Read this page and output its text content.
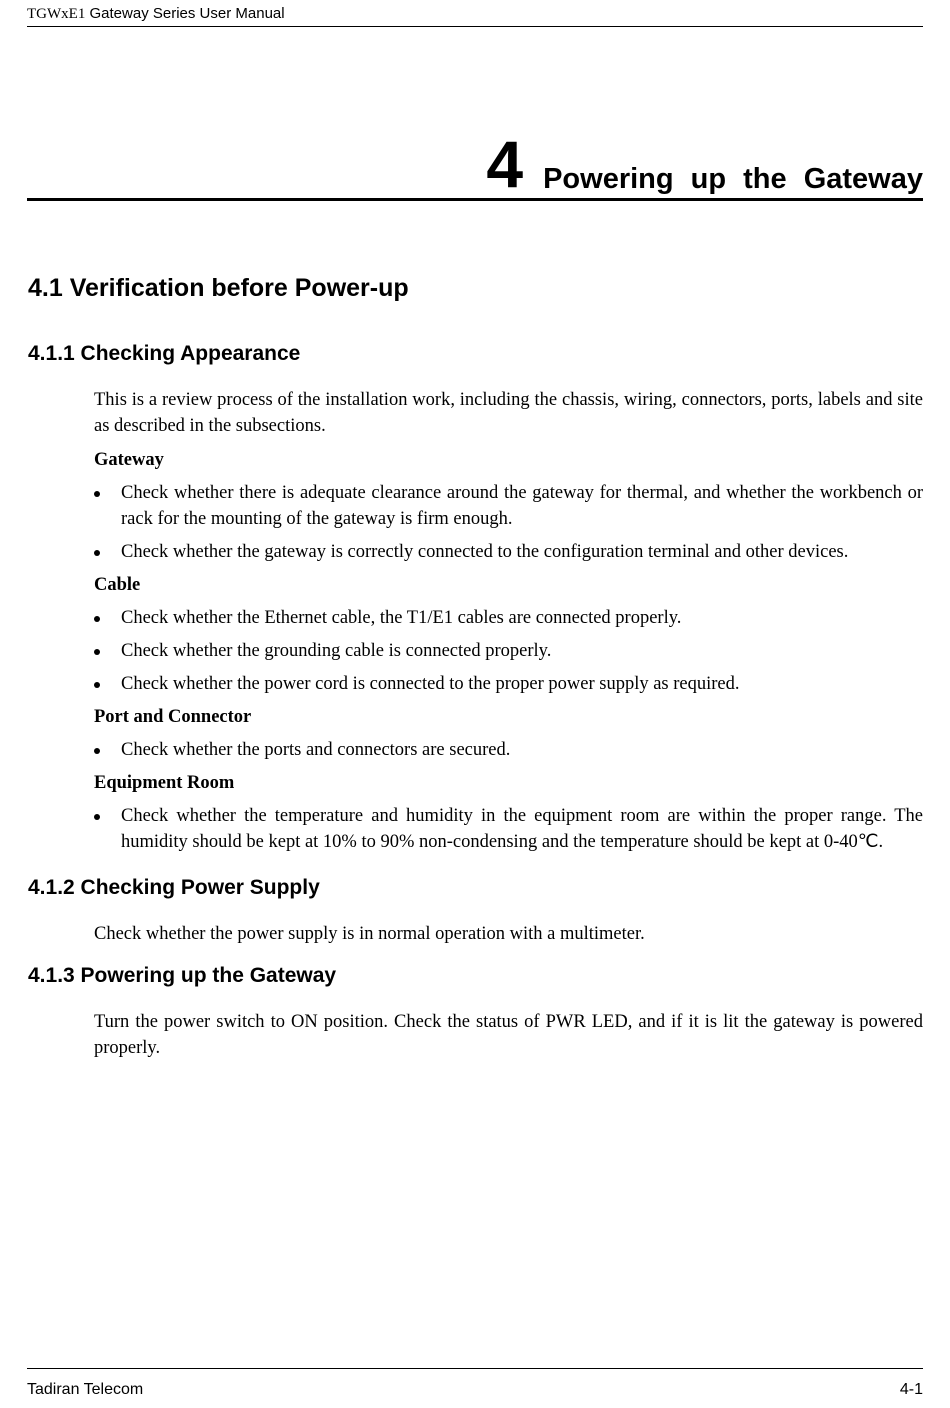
TGWxE1 Gateway Series User Manual
4 Powering up the Gateway
4.1 Verification before Power-up
4.1.1 Checking Appearance

This is a review process of the installation work, including the chassis, wiring, connectors, ports, labels and site as described in the subsections.

Gateway

Check whether there is adequate clearance around the gateway for thermal, and whether the workbench or rack for the mounting of the gateway is firm enough.

Check whether the gateway is correctly connected to the configuration terminal and other devices.

Cable

Check whether the Ethernet cable, the T1/E1 cables are connected properly.

Check whether the grounding cable is connected properly.

Check whether the power cord is connected to the proper power supply as required.

Port and Connector

Check whether the ports and connectors are secured.

Equipment Room

Check whether the temperature and humidity in the equipment room are within the proper range. The humidity should be kept at 10% to 90% non-condensing and the temperature should be kept at 0-40℃.

4.1.2 Checking Power Supply

Check whether the power supply is in normal operation with a multimeter.

4.1.3 Powering up the Gateway

Turn the power switch to ON position. Check the status of PWR LED, and if it is lit the gateway is powered properly.

Tadiran Telecom	4-1
